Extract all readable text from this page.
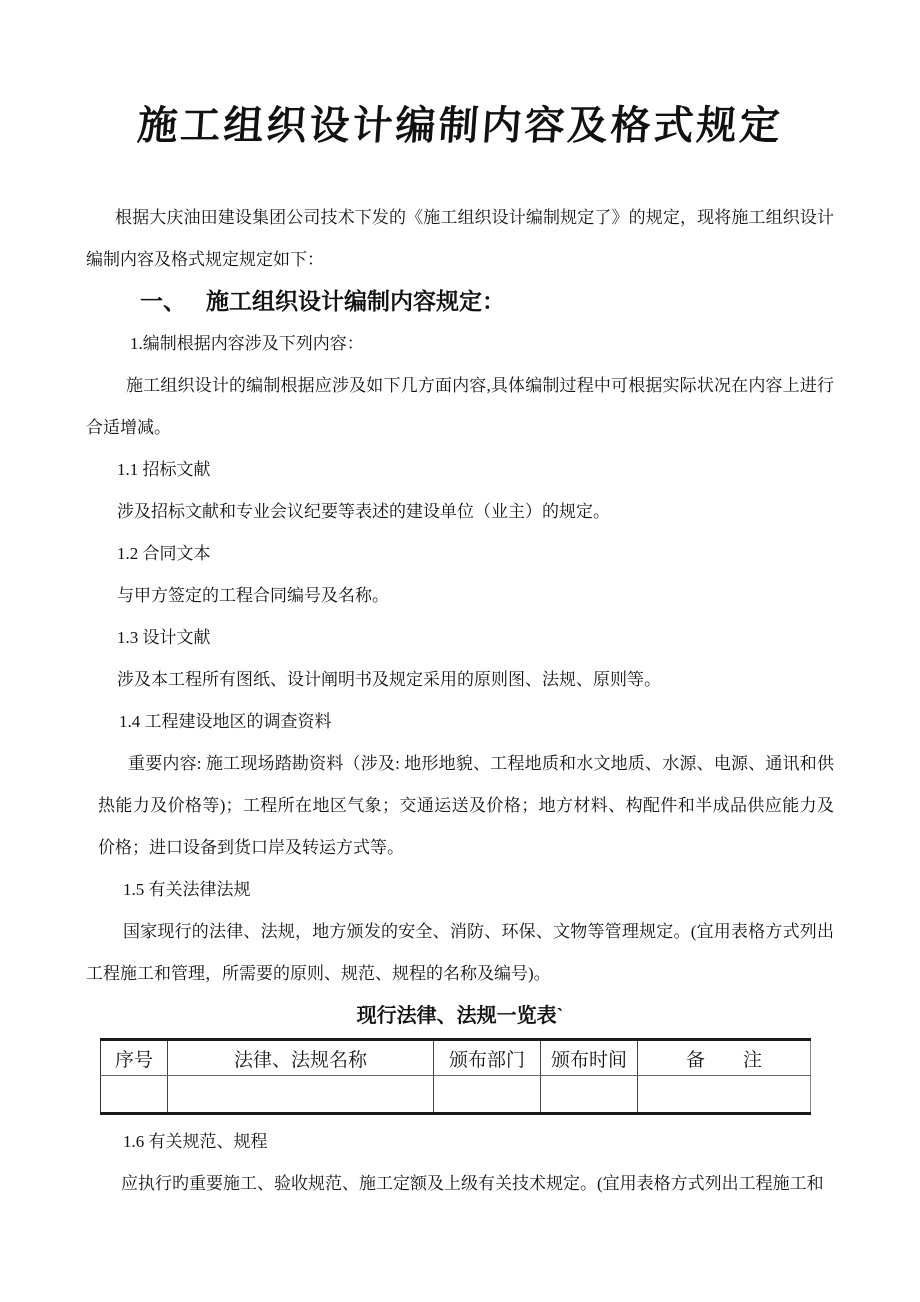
施工组织设计编制内容及格式规定

根据大庆油田建设集团公司技术下发的《施工组织设计编制规定了》的规定，现将施工组织设计编制内容及格式规定规定如下：

一、 施工组织设计编制内容规定：

1.编制根据内容涉及下列内容：

施工组织设计的编制根据应涉及如下几方面内容,具体编制过程中可根据实际状况在内容上进行合适增减。

1.1 招标文献

涉及招标文献和专业会议纪要等表述的建设单位（业主）的规定。

1.2 合同文本

与甲方签定的工程合同编号及名称。

1.3 设计文献

涉及本工程所有图纸、设计阐明书及规定采用的原则图、法规、原则等。

1.4 工程建设地区的调查资料

重要内容: 施工现场踏勘资料（涉及: 地形地貌、工程地质和水文地质、水源、电源、通讯和供热能力及价格等)；工程所在地区气象；交通运送及价格；地方材料、构配件和半成品供应能力及价格；进口设备到货口岸及转运方式等。

1.5 有关法律法规

国家现行的法律、法规，地方颁发的安全、消防、环保、文物等管理规定。(宜用表格方式列出工程施工和管理，所需要的原则、规范、规程的名称及编号)。

现行法律、法规一览表`
序号	法律、法规名称	颁布部门	颁布时间	备　　注

1.6 有关规范、规程

应执行旳重要施工、验收规范、施工定额及上级有关技术规定。(宜用表格方式列出工程施工和
